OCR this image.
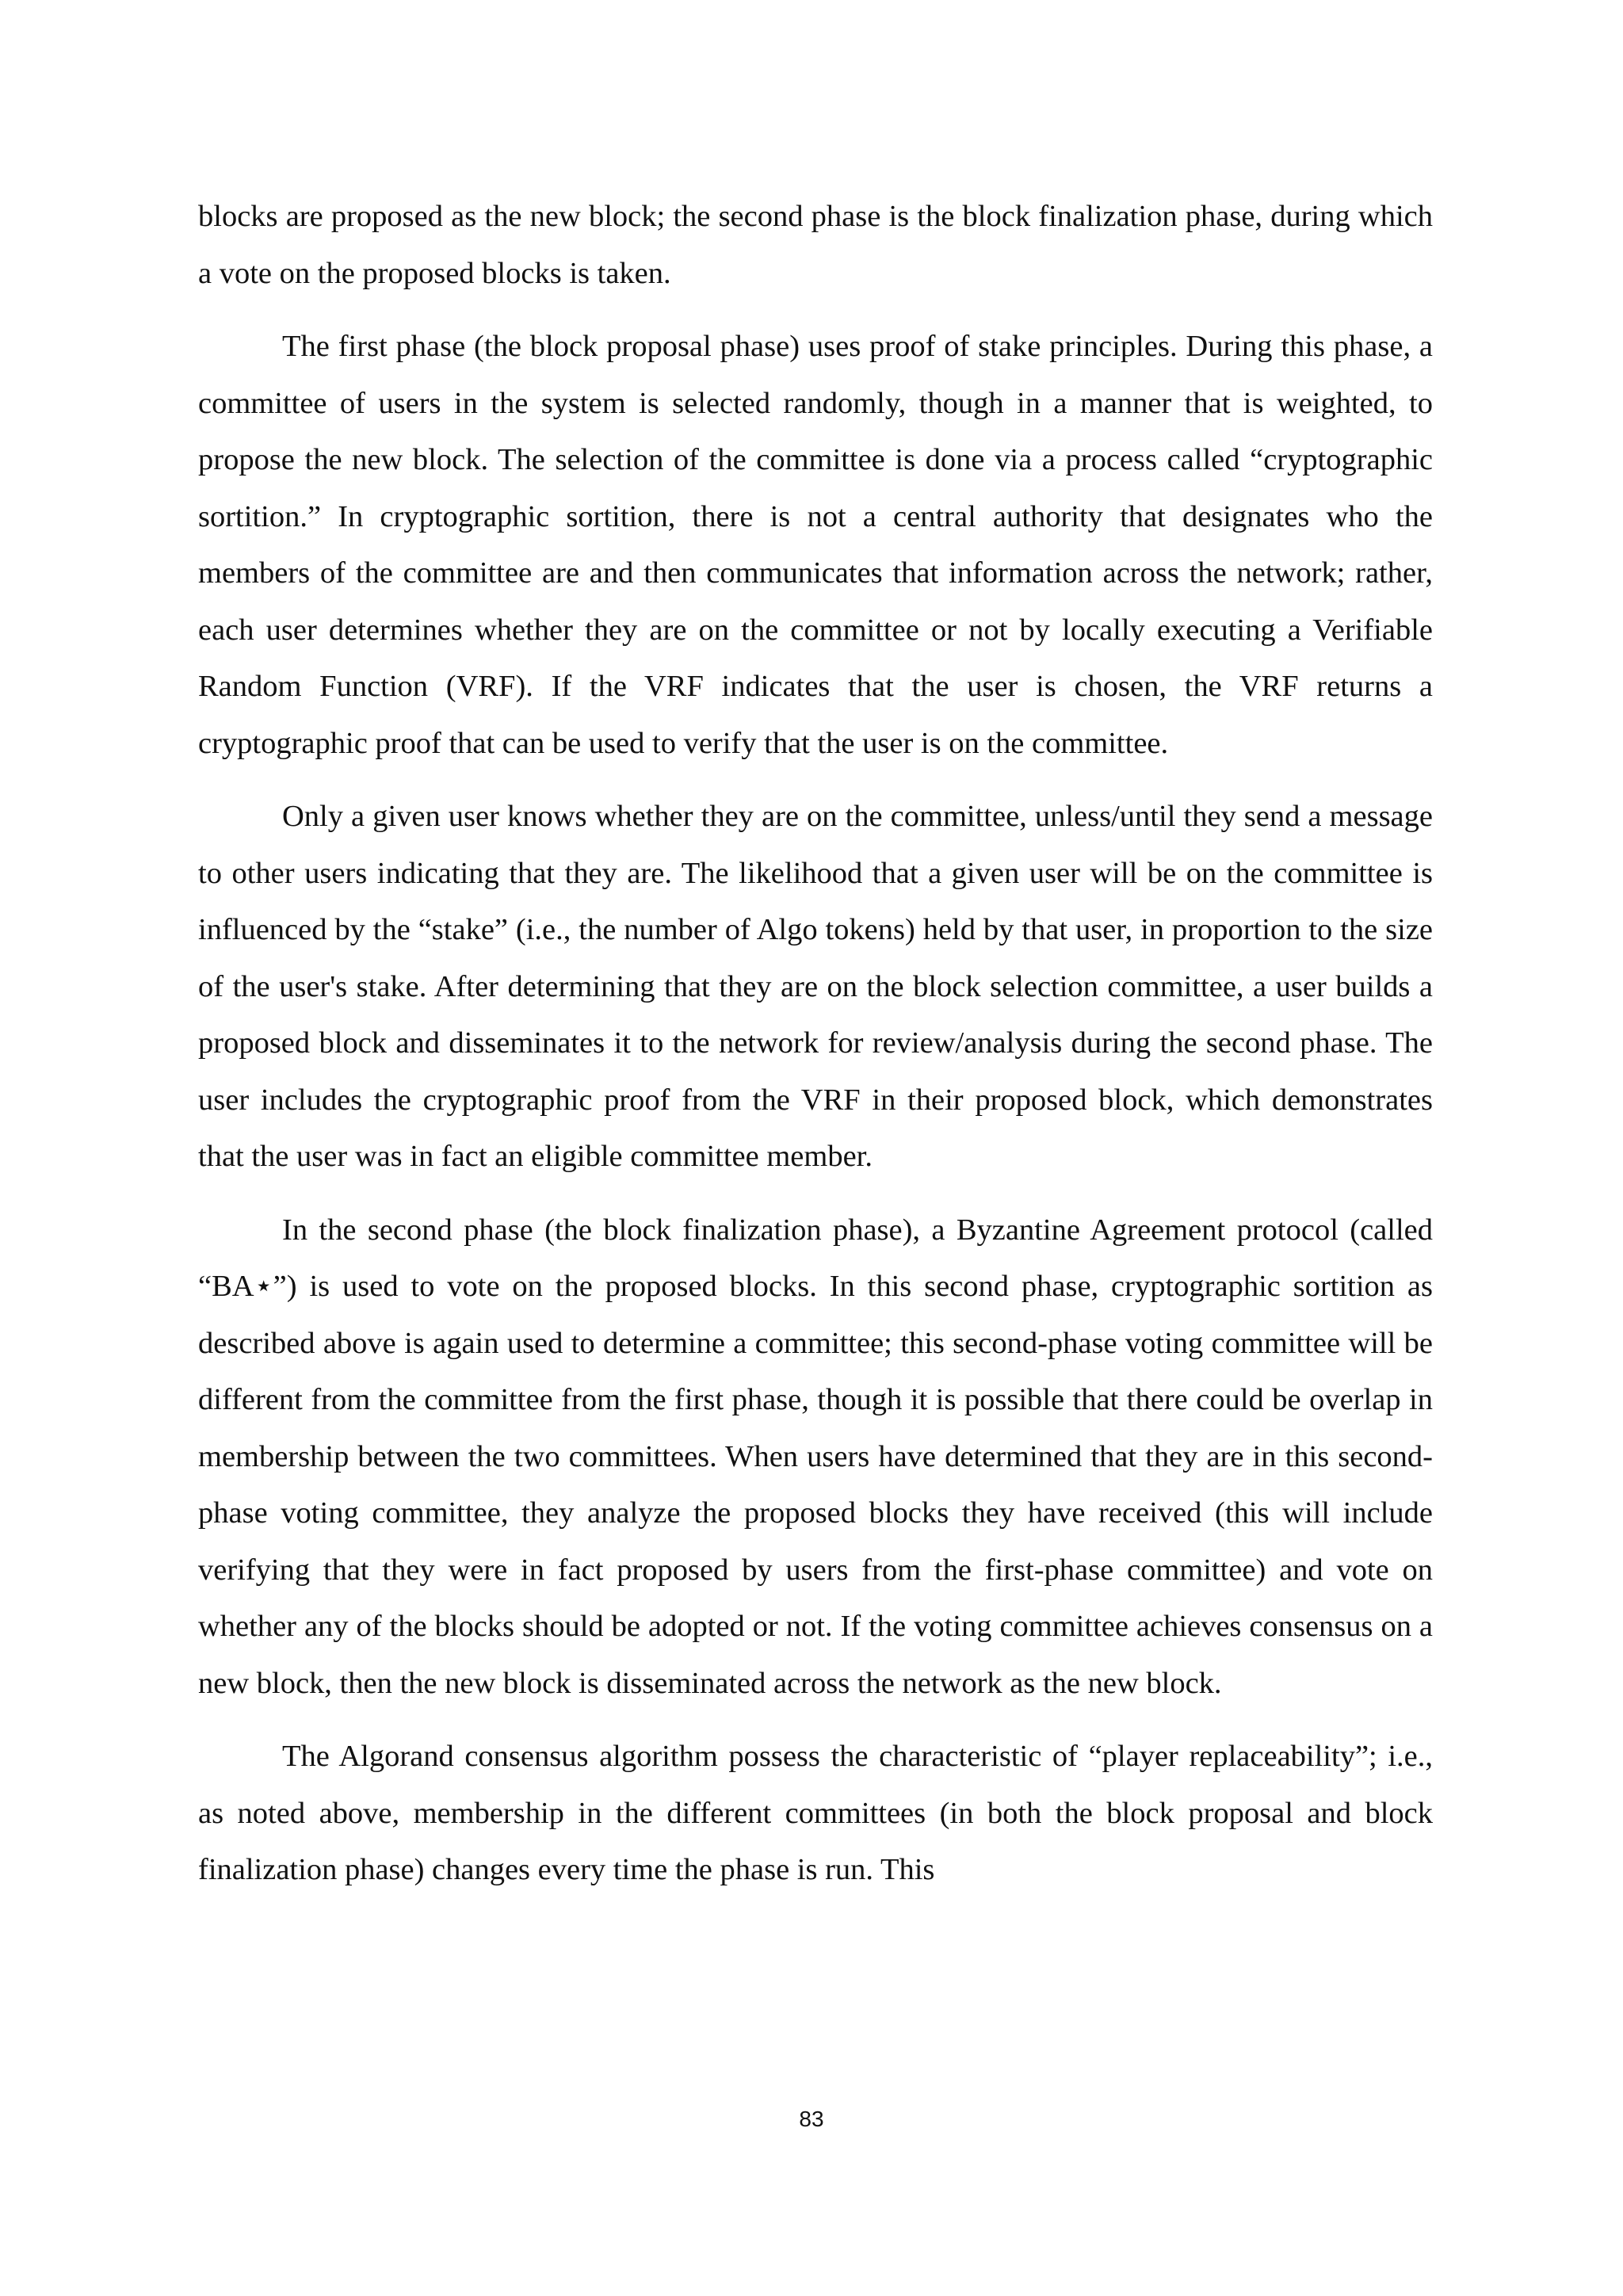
blocks are proposed as the new block; the second phase is the block finalization phase, during which a vote on the proposed blocks is taken.

The first phase (the block proposal phase) uses proof of stake principles. During this phase, a committee of users in the system is selected randomly, though in a manner that is weighted, to propose the new block. The selection of the committee is done via a process called “cryptographic sortition.” In cryptographic sortition, there is not a central authority that designates who the members of the committee are and then communicates that information across the network; rather, each user determines whether they are on the committee or not by locally executing a Verifiable Random Function (VRF). If the VRF indicates that the user is chosen, the VRF returns a cryptographic proof that can be used to verify that the user is on the committee.

Only a given user knows whether they are on the committee, unless/until they send a message to other users indicating that they are. The likelihood that a given user will be on the committee is influenced by the “stake” (i.e., the number of Algo tokens) held by that user, in proportion to the size of the user's stake. After determining that they are on the block selection committee, a user builds a proposed block and disseminates it to the network for review/analysis during the second phase. The user includes the cryptographic proof from the VRF in their proposed block, which demonstrates that the user was in fact an eligible committee member.

In the second phase (the block finalization phase), a Byzantine Agreement protocol (called “BA⋆”) is used to vote on the proposed blocks. In this second phase, cryptographic sortition as described above is again used to determine a committee; this second-phase voting committee will be different from the committee from the first phase, though it is possible that there could be overlap in membership between the two committees. When users have determined that they are in this second-phase voting committee, they analyze the proposed blocks they have received (this will include verifying that they were in fact proposed by users from the first-phase committee) and vote on whether any of the blocks should be adopted or not. If the voting committee achieves consensus on a new block, then the new block is disseminated across the network as the new block.

The Algorand consensus algorithm possess the characteristic of “player replaceability”; i.e., as noted above, membership in the different committees (in both the block proposal and block finalization phase) changes every time the phase is run. This

83
